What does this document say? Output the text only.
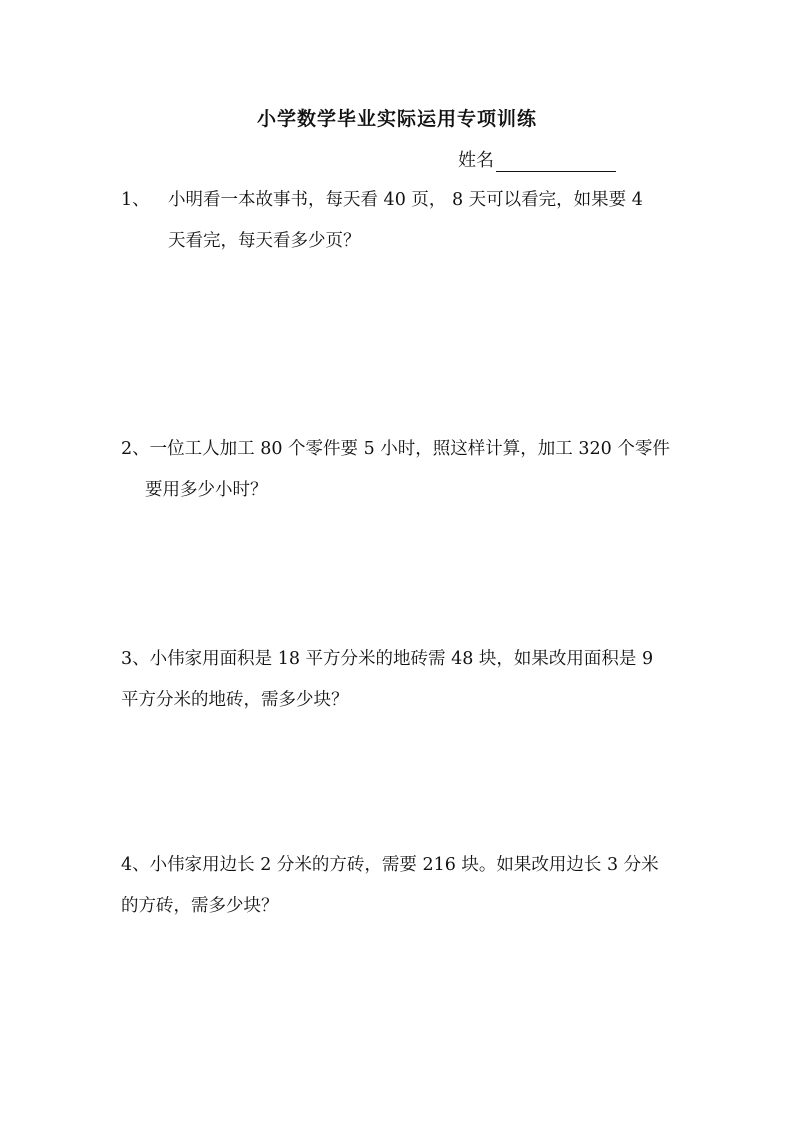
小学数学毕业实际运用专项训练
姓名
1、 小明看一本故事书，每天看 40 页， 8 天可以看完，如果要 4
天看完，每天看多少页？
2、一位工人加工 80 个零件要 5 小时，照这样计算，加工 320 个零件
要用多少小时？
3、小伟家用面积是 18 平方分米的地砖需 48 块，如果改用面积是 9
平方分米的地砖，需多少块？
4、小伟家用边长 2 分米的方砖，需要 216 块。如果改用边长 3 分米
的方砖，需多少块？
